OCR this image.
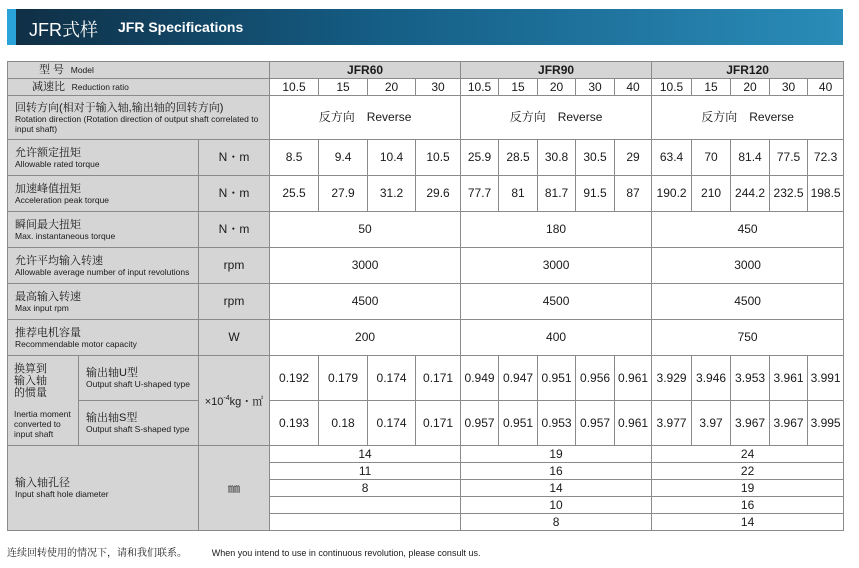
JFR式样 JFR Specifications
型 号 Model			JFR60				JFR90					JFR120				
减速比 Reduction ratio			10.5	15	20	30	10.5	15	20	30	40	10.5	15	20	30	40

回转方向(相对于输入轴,输出轴的回转方向)
Rotation direction (Rotation direction of output shaft correlated to input shaft)			反方向　Reverse				反方向　Reverse					反方向　Reverse				

允许额定扭矩
Allowable rated torque		N・m	8.5	9.4	10.4	10.5	25.9	28.5	30.8	30.5	29	63.4	70	81.4	77.5	72.3

加速峰值扭矩
Acceleration peak torque		N・m	25.5	27.9	31.2	29.6	77.7	81	81.7	91.5	87	190.2	210	244.2	232.5	198.5

瞬间最大扭矩
Max. instantaneous torque		N・m	50				180					450				

允许平均输入转速
Allowable average number of input revolutions		rpm	3000				3000					3000				

最高输入转速
Max input rpm		rpm	4500				4500					4500				

推荐电机容量
Recommendable motor capacity		W	200				400					750				

换算到输入轴的惯量
Inertia moment converted to input shaft	输出轴U型
Output shaft U-shaped type	$\times 10^{-4}kg$・㎡	0.192	0.179	0.174	0.171	0.949	0.947	0.951	0.956	0.961	3.929	3.946	3.953	3.961	3.991

	输出轴S型
Output shaft S-shaped type		0.193	0.18	0.174	0.171	0.957	0.951	0.953	0.957	0.961	3.977	3.97	3.967	3.967	3.995

输入轴孔径
Input shaft hole diameter		㎜	14				19					24				
			11				16					22				
			8				14					19				
							10					16				
							8					14				
连续回转使用的情况下，请和我们联系。	When you intend to use in continuous revolution, please consult us.
